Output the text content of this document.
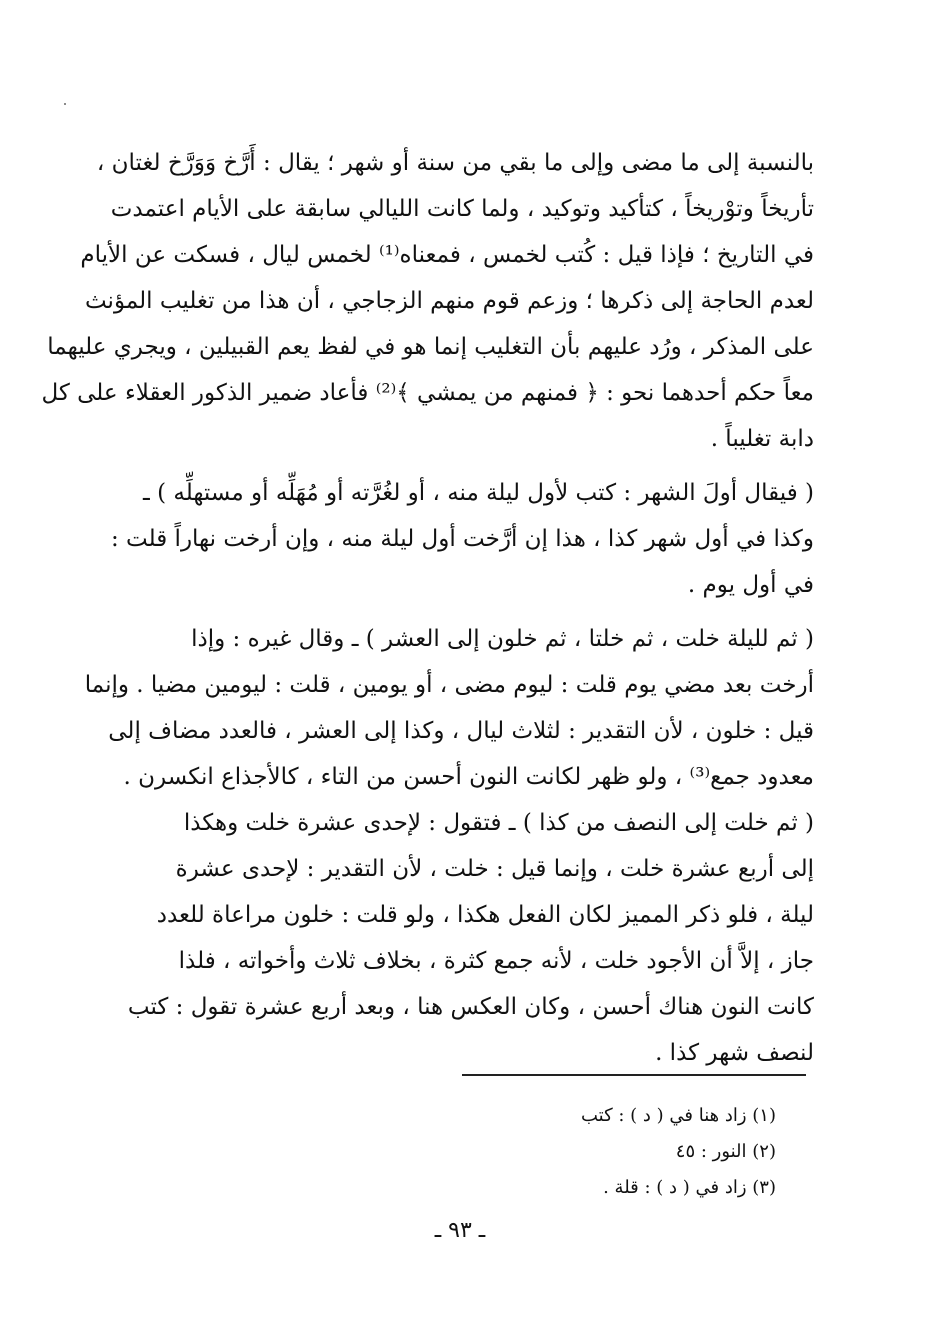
بالنسبة إلى ما مضى وإلى ما بقي من سنة أو شهر ؛ يقال : أَرَّخ وَوَرَّخ لغتان ،
تأريخاً وتوْريخاً ، كتأكيد وتوكيد ، ولما كانت الليالي سابقة على الأيام اعتمدت
في التاريخ ؛ فإذا قيل : كُتب لخمس ، فمعناه⁽¹⁾ لخمس ليال ، فسكت عن الأيام
لعدم الحاجة إلى ذكرها ؛ وزعم قوم منهم الزجاجي ، أن هذا من تغليب المؤنث
على المذكر ، ورُد عليهم بأن التغليب إنما هو في لفظ يعم القبيلين ، ويجري عليهما
معاً حكم أحدهما نحو : ﴿ فمنهم من يمشي ﴾⁽²⁾ فأعاد ضمير الذكور العقلاء على كل
دابة تغليباً .
( فيقال أولَ الشهر : كتب لأول ليلة منه ، أو لغُرَّته أو مُهَلِّه أو مستهلِّه ) ـ
وكذا في أول شهر كذا ، هذا إن أرَّخت أول ليلة منه ، وإن أرخت نهاراً قلت :
في أول يوم .
( ثم لليلة خلت ، ثم خلتا ، ثم خلون إلى العشر ) ـ وقال غيره : وإذا
أرخت بعد مضي يوم قلت : ليوم مضى ، أو يومين ، قلت : ليومين مضيا . وإنما
قيل : خلون ، لأن التقدير : لثلاث ليال ، وكذا إلى العشر ، فالعدد مضاف إلى
معدود جمع⁽³⁾ ، ولو ظهر لكانت النون أحسن من التاء ، كالأجذاع انكسرن .
( ثم خلت إلى النصف من كذا ) ـ فتقول : لإحدى عشرة خلت وهكذا
إلى أربع عشرة خلت ، وإنما قيل : خلت ، لأن التقدير : لإحدى عشرة
ليلة ، فلو ذكر المميز لكان الفعل هكذا ، ولو قلت : خلون مراعاة للعدد
جاز ، إلاَّ أن الأجود خلت ، لأنه جمع كثرة ، بخلاف ثلاث وأخواته ، فلذا
كانت النون هناك أحسن ، وكان العكس هنا ، وبعد أربع عشرة تقول : كتب
لنصف شهر كذا .
(١) زاد هنا في ( د ) : كتب
(٢) النور : ٤٥
(٣) زاد في ( د ) : قلة .
ـ ٩٣ ـ
